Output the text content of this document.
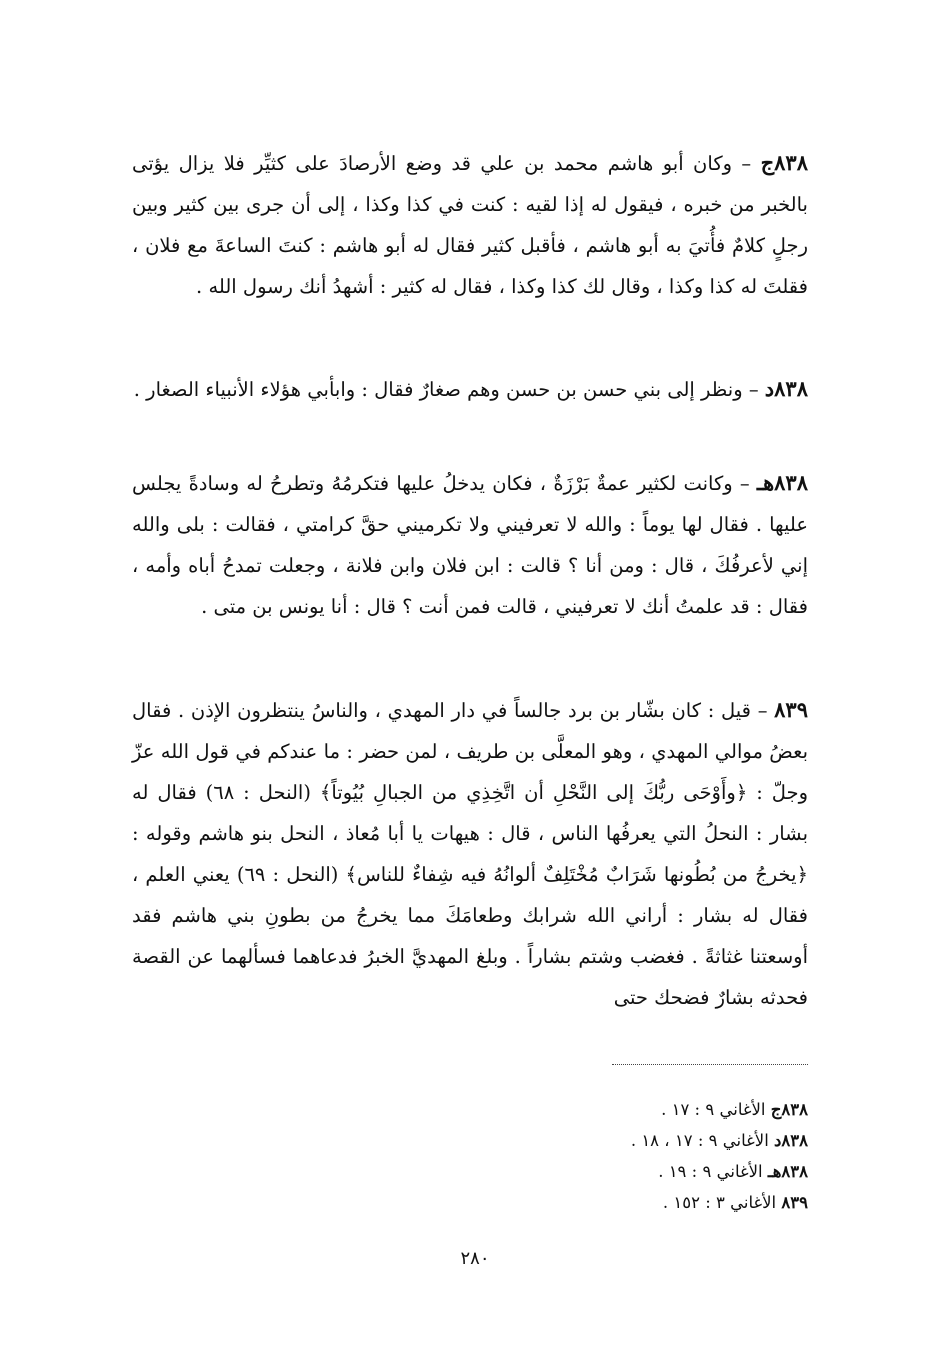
٨٣٨ج – وكان أبو هاشم محمد بن علي قد وضع الأرصادَ على كثيِّر فلا يزال يؤتى بالخبر من خبره ، فيقول له إذا لقيه : كنت في كذا وكذا ، إلى أن جرى بين كثير وبين رجلٍ كلامٌ فأُتيَ به أبو هاشم ، فأقبل كثير فقال له أبو هاشم : كنتَ الساعةَ مع فلان ، فقلتَ له كذا وكذا ، وقال لك كذا وكذا ، فقال له كثير : أشهدُ أنك رسول الله .

٨٣٨د – ونظر إلى بني حسن بن حسن وهم صغارٌ فقال : وابأبي هؤلاء الأنبياء الصغار .

٨٣٨هـ – وكانت لكثير عمةٌ بَرْزَةٌ ، فكان يدخلُ عليها فتكرمُهُ وتطرحُ له وسادةً يجلس عليها . فقال لها يوماً : والله لا تعرفيني ولا تكرميني حقَّ كرامتي ، فقالت : بلى والله إني لأعرفُكَ ، قال : ومن أنا ؟ قالت : ابن فلان وابن فلانة ، وجعلت تمدحُ أباه وأمه ، فقال : قد علمتُ أنك لا تعرفيني ، قالت فمن أنت ؟ قال : أنا يونس بن متى .

٨٣٩ – قيل : كان بشّار بن برد جالساً في دار المهدي ، والناسُ ينتظرون الإذن . فقال بعضُ موالي المهدي ، وهو المعلَّى بن طريف ، لمن حضر : ما عندكم في قول الله عزّ وجلّ : ﴿وأَوْحَى ربُّكَ إلى النَّحْلِ أن اتَّخِذِي من الجبالِ بُيُوتاً﴾ (النحل : ٦٨) فقال له بشار : النحلُ التي يعرفُها الناس ، قال : هيهات يا أبا مُعاذ ، النحل بنو هاشم وقوله : ﴿يخرجُ من بُطُونها شَرَابٌ مُخْتَلِفٌ ألوانُهُ فيه شِفاءٌ للناس﴾ (النحل : ٦٩) يعني العلم ، فقال له بشار : أراني الله شرابك وطعامَكَ مما يخرجُ من بطونِ بني هاشم فقد أوسعتنا غثاثةً . فغضب وشتم بشاراً . وبلغ المهديَّ الخبرُ فدعاهما فسألهما عن القصة فحدثه بشارٌ فضحك حتى

٨٣٨ج الأغاني ٩ : ١٧ .
٨٣٨د الأغاني ٩ : ١٧ ، ١٨ .
٨٣٨هـ الأغاني ٩ : ١٩ .
٨٣٩ الأغاني ٣ : ١٥٢ .
٢٨٠
